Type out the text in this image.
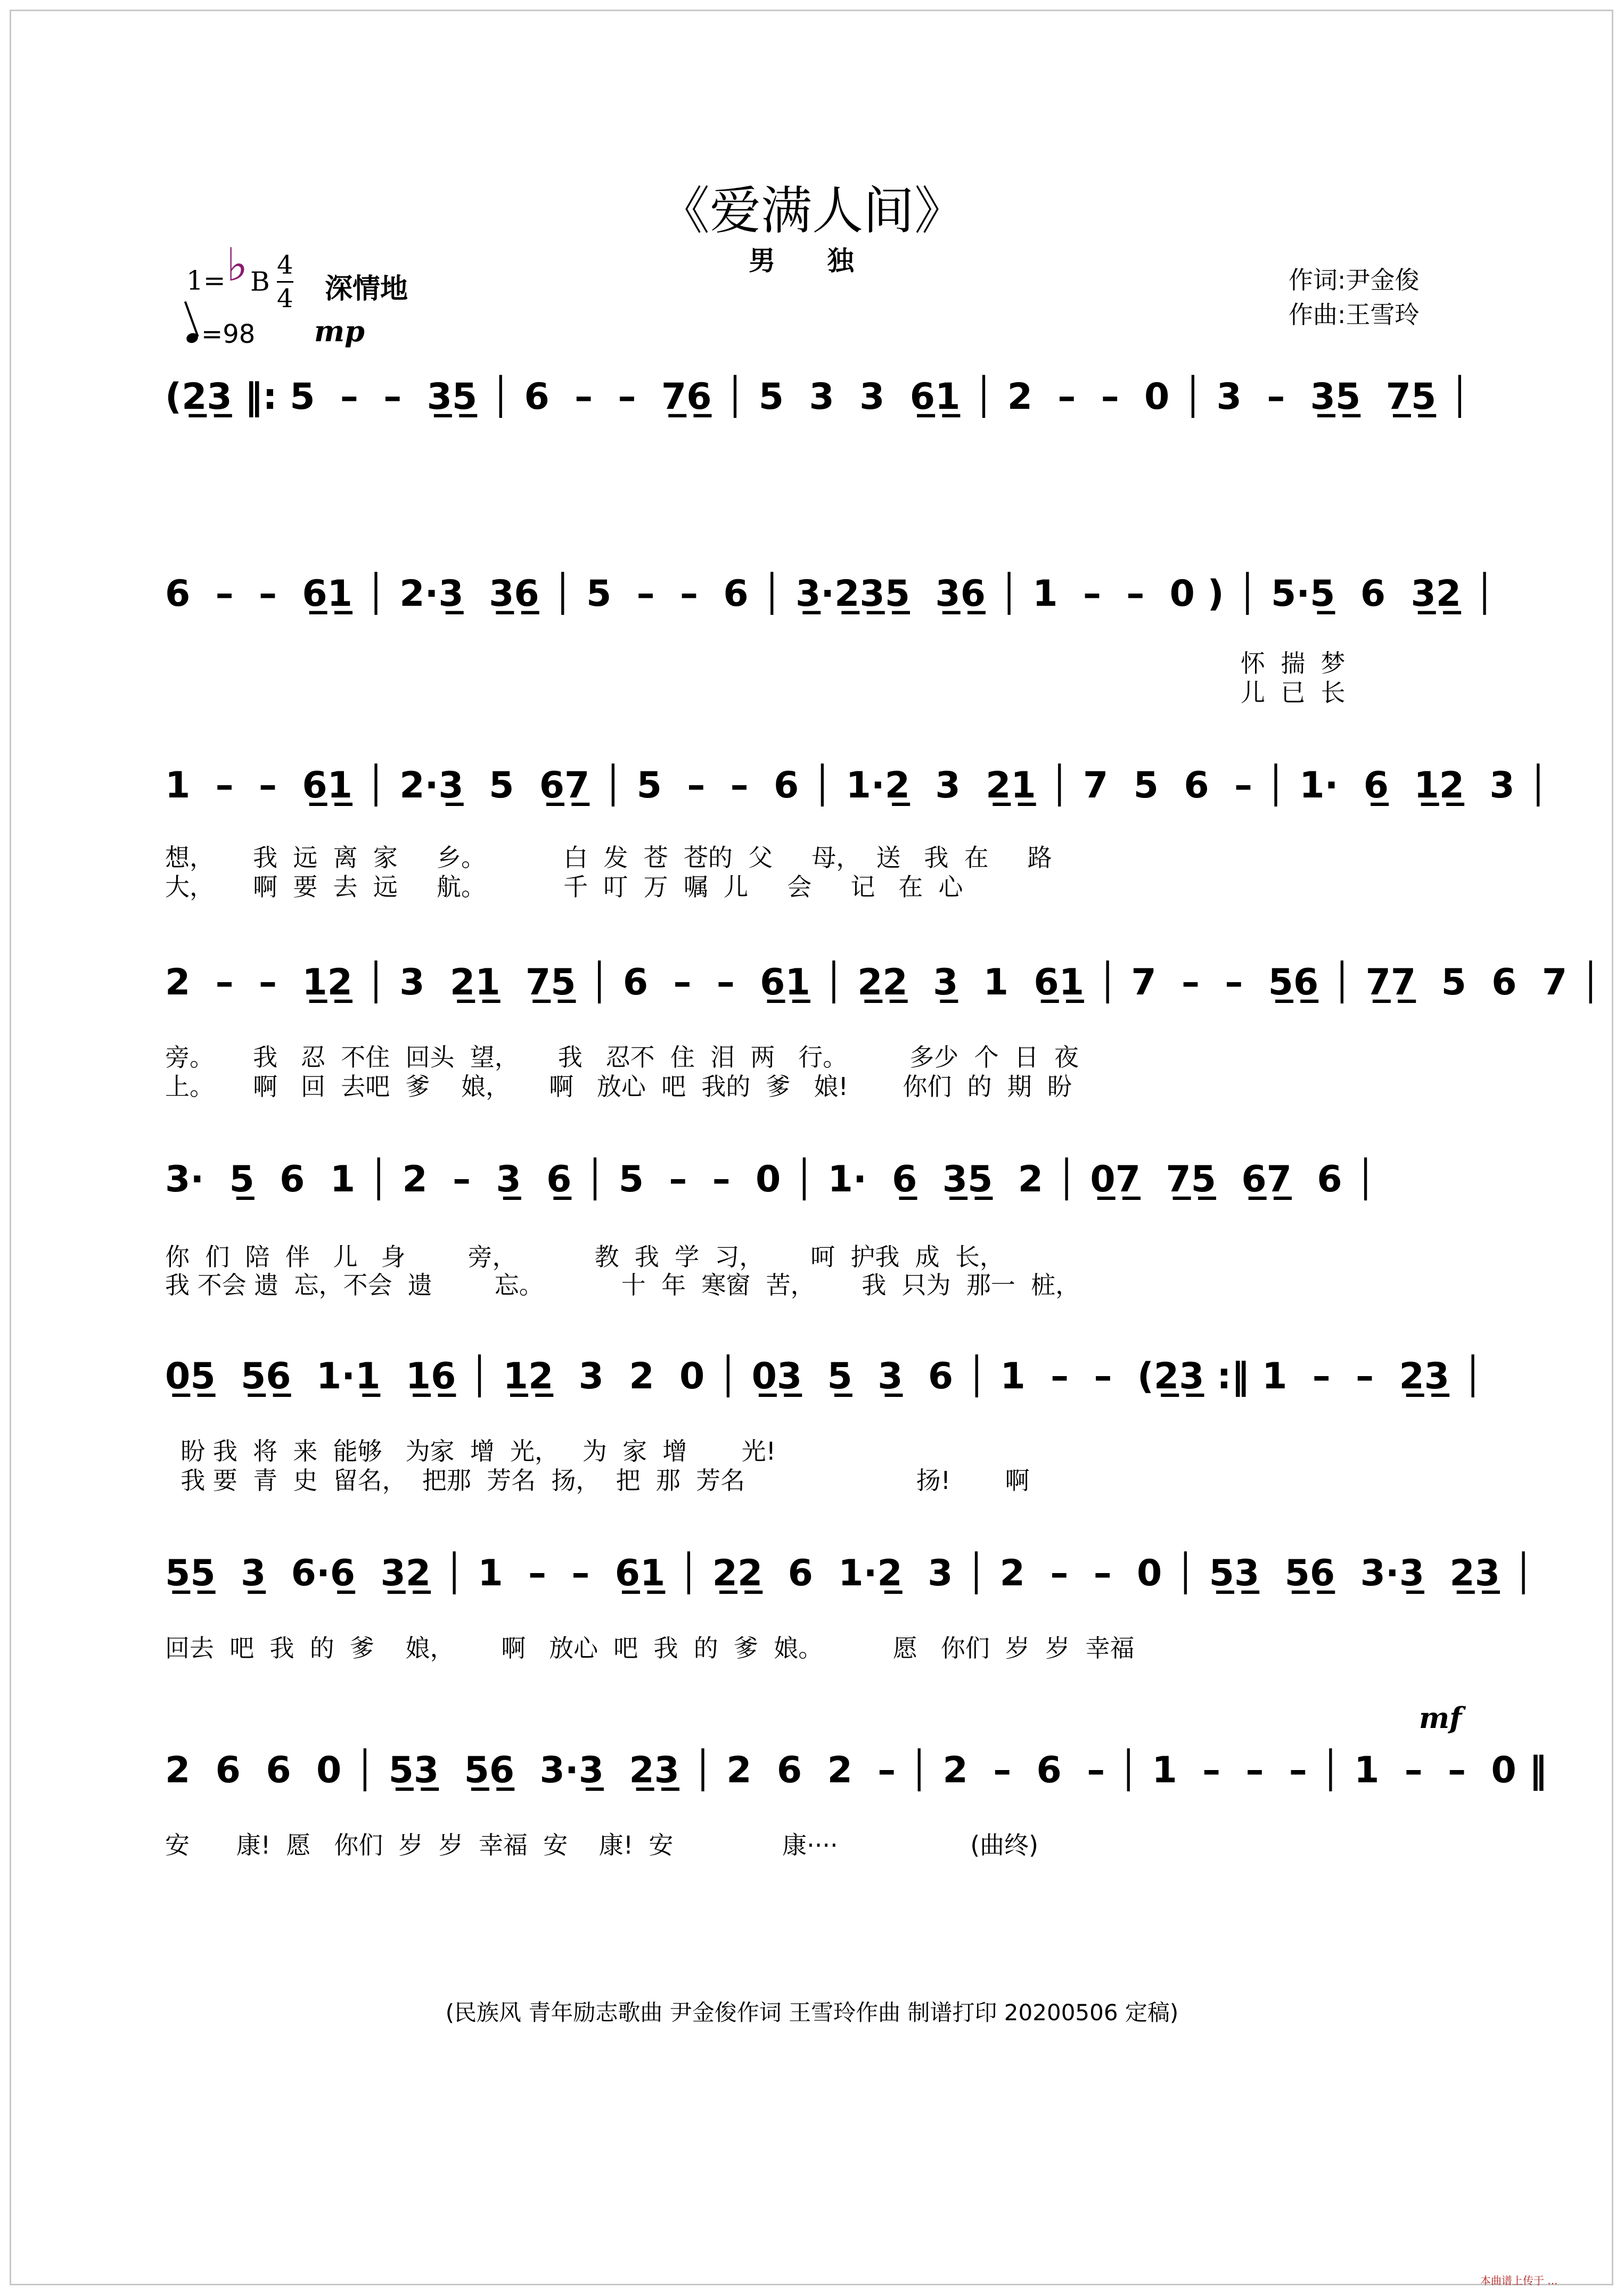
《爱满人间》
男 独
1= ♭ B
4
4 深情地
=98 mp
作词:尹金俊
作曲:王雪玲
(2̲3̲ ‖: 5  –  –  3̲5̲ │ 6  –  –  7̲6̲ │ 5  3  3  6̲1̲ │ 2  –  –  0 │ 3  –  3̲5̲  7̲5̲ │
6  –  –  6̲1̲ │ 2·3̲  3̲6̲ │ 5  –  –  6 │ 3̲·2̲3̲5̲  3̲6̲ │ 1  –  –  0 ) │ 5·5̲  6  3̲2̲ │
怀  揣  梦
儿  已  长
1  –  –  6̲1̲ │ 2·3̲  5  6̲7̲ │ 5  –  –  6 │ 1·2̲  3  2̲1̲ │ 7  5  6  – │ 1·  6̲  1̲2̲  3 │
想，     我  远  离  家     乡。          白  发  苍  苍的  父     母，  送   我  在     路
大，     啊  要  去  远     航。          千  叮  万  嘱  儿     会     记   在  心
2  –  –  1̲2̲ │ 3  2̲1̲  7̲5̲ │ 6  –  –  6̲1̲ │ 2̲2̲  3̲  1  6̲1̲ │ 7  –  –  5̲6̲ │ 7̲7̲  5  6  7 │
旁。     我   忍  不住  回头  望，     我   忍不  住  泪  两   行。        多少  个  日  夜
上。     啊   回  去吧  爹    娘，     啊   放心  吧  我的  爹   娘!       你们  的  期  盼
3·  5̲  6  1 │ 2  –  3̲  6̲ │ 5  –  –  0 │ 1·  6̲  3̲5̲  2 │ 0̲7̲  7̲5̲  6̲7̲  6 │
你  们  陪  伴   儿   身        旁，          教  我  学  习，      呵  护我  成  长，
我 不会 遗  忘，不会  遗        忘。          十  年  寒窗  苦，      我  只为  那一  桩，
0̲5̲  5̲6̲  1·1̲  1̲6̲ │ 1̲2̲  3  2  0 │ 0̲3̲  5̲  3̲  6 │ 1  –  –  (2̲3̲ :‖ 1  –  –  2̲3̲ │
盼 我  将  来  能够   为家  增  光，   为  家  增       光!
我 要  青  史  留名，  把那  芳名  扬，  把  那  芳名                      扬!       啊
5̲5̲  3̲  6·6̲  3̲2̲ │ 1  –  –  6̲1̲ │ 2̲2̲  6  1·2̲  3 │ 2  –  –  0 │ 5̲3̲  5̲6̲  3·3̲  2̲3̲ │
回去  吧  我  的  爹    娘，      啊   放心  吧  我  的  爹  娘。         愿   你们  岁  岁  幸福
mf
2  6  6  0 │ 5̲3̲  5̲6̲  3·3̲  2̲3̲ │ 2  6  2  – │ 2  –  6  – │ 1  –  –  – │ 1  –  –  0 ‖
安      康!  愿   你们  岁  岁  幸福  安    康!  安              康····                 (曲终)
(民族风 青年励志歌曲 尹金俊作词 王雪玲作曲 制谱打印 20200506 定稿)
本曲谱上传于 ...
